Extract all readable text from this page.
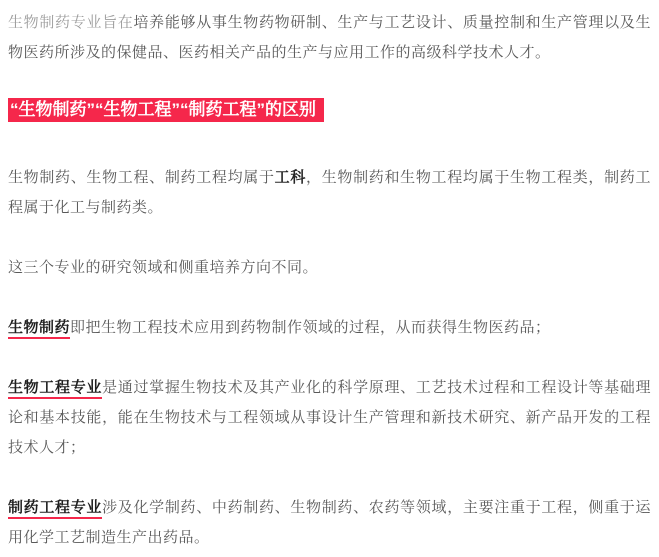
生物制药专业旨在培养能够从事生物药物研制、生产与工艺设计、质量控制和生产管理以及生物医药所涉及的保健品、医药相关产品的生产与应用工作的高级科学技术人才。

“生物制药”“生物工程”“制药工程”的区别

生物制药、生物工程、制药工程均属于工科，生物制药和生物工程均属于生物工程类，制药工程属于化工与制药类。

这三个专业的研究领域和侧重培养方向不同。

生物制药即把生物工程技术应用到药物制作领域的过程，从而获得生物医药品；

生物工程专业是通过掌握生物技术及其产业化的科学原理、工艺技术过程和工程设计等基础理论和基本技能，能在生物技术与工程领域从事设计生产管理和新技术研究、新产品开发的工程技术人才；

制药工程专业涉及化学制药、中药制药、生物制药、农药等领域，主要注重于工程，侧重于运用化学工艺制造生产出药品。
